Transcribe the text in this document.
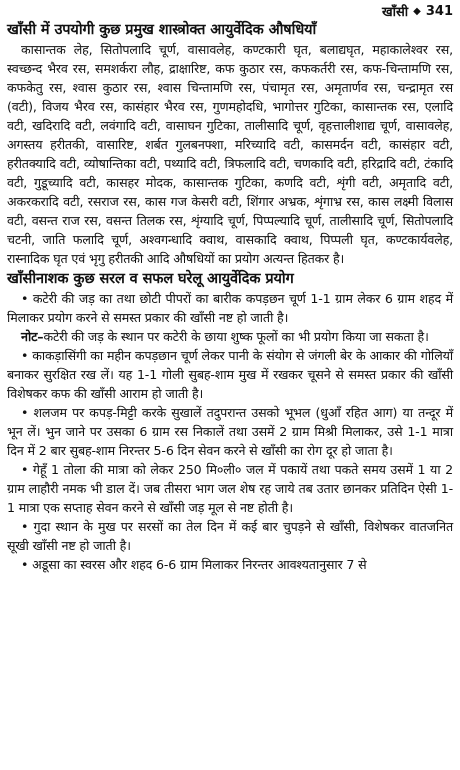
खाँसी ◆ 341
खाँसी में उपयोगी कुछ प्रमुख शास्त्रोक्त आयुर्वेदिक औषधियाँ

कासान्तक लेह, सितोपलादि चूर्ण, वासावलेह, कण्टकारी घृत, बलाद्यघृत, महाकालेश्वर रस, स्वच्छन्द भैरव रस, समशर्करा लौह, द्राक्षारिष्ट, कफ कुठार रस, कफकर्तरी रस, कफ-चिन्तामणि रस, कफकेतु रस, श्वास कुठार रस, श्वास चिन्तामणि रस, पंचामृत रस, अमृतार्णव रस, चन्द्रामृत रस (वटी), विजय भैरव रस, कासंहार भैरव रस, गुणमहोदधि, भागोत्तर गुटिका, कासान्तक रस, एलादि वटी, खदिरादि वटी, लवंगादि वटी, वासाघन गुटिका, तालीसादि चूर्ण, वृहत्तालीशाद्य चूर्ण, वासावलेह, अगस्तय हरीतकी, वासारिष्ट, शर्बत गुलबनफ्शा, मरिच्यादि वटी, कासमर्दन वटी, कासंहार वटी, हरीतक्यादि वटी, व्योषान्तिका वटी, पथ्यादि वटी, त्रिफलादि वटी, चणकादि वटी, हरिद्रादि वटी, टंकादि वटी, गुडूच्यादि वटी, कासहर मोदक, कासान्तक गुटिका, कणदि वटी, शृंगी वटी, अमृतादि वटी, अकरकरादि वटी, रसराज रस, कास गज केसरी वटी, शिंगार अभ्रक, शृंगाभ्र रस, कास लक्ष्मी विलास वटी, वसन्त राज रस, वसन्त तिलक रस, शृंग्यादि चूर्ण, पिप्पल्यादि चूर्ण, तालीसादि चूर्ण, सितोपलादि चटनी, जाति फलादि चूर्ण, अश्वगन्धादि क्वाथ, वासकादि क्वाथ, पिप्पली घृत, कण्टकार्यवलेह, रास्नादिक घृत एवं भृगु हरीतकी आदि औषधियों का प्रयोग अत्यन्त हितकर है।

खाँसीनाशक कुछ सरल व सफल घरेलू आयुर्वेदिक प्रयोग

• कटेरी की जड़ का तथा छोटी पीपरों का बारीक कपड़छन चूर्ण 1-1 ग्राम लेकर 6 ग्राम शहद में मिलाकर प्रयोग करने से समस्त प्रकार की खाँसी नष्ट हो जाती है।

नोट–कटेरी की जड़ के स्थान पर कटेरी के छाया शुष्क फूलों का भी प्रयोग किया जा सकता है।

• काकड़ासिंगी का महीन कपड़छान चूर्ण लेकर पानी के संयोग से जंगली बेर के आकार की गोलियाँ बनाकर सुरक्षित रख लें। यह 1-1 गोली सुबह-शाम मुख में रखकर चूसने से समस्त प्रकार की खाँसी विशेषकर कफ की खाँसी आराम हो जाती है।

• शलजम पर कपड़-मिट्टी करके सुखालें तदुपरान्त उसको भूभल (धुआँ रहित आग) या तन्दूर में भून लें। भुन जाने पर उसका 6 ग्राम रस निकालें तथा उसमें 2 ग्राम मिश्री मिलाकर, उसे 1-1 मात्रा दिन में 2 बार सुबह-शाम निरन्तर 5-6 दिन सेवन करने से खाँसी का रोग दूर हो जाता है।

• गेहूँ 1 तोला की मात्रा को लेकर 250 मि०ली० जल में पकायें तथा पकते समय उसमें 1 या 2 ग्राम लाहौरी नमक भी डाल दें। जब तीसरा भाग जल शेष रह जाये तब उतार छानकर प्रतिदिन ऐसी 1-1 मात्रा एक सप्ताह सेवन करने से खाँसी जड़ मूल से नष्ट होती है।

• गुदा स्थान के मुख पर सरसों का तेल दिन में कई बार चुपड़ने से खाँसी, विशेषकर वातजनित सूखी खाँसी नष्ट हो जाती है।

• अडूसा का स्वरस और शहद 6-6 ग्राम मिलाकर निरन्तर आवश्यतानुसार 7 से
